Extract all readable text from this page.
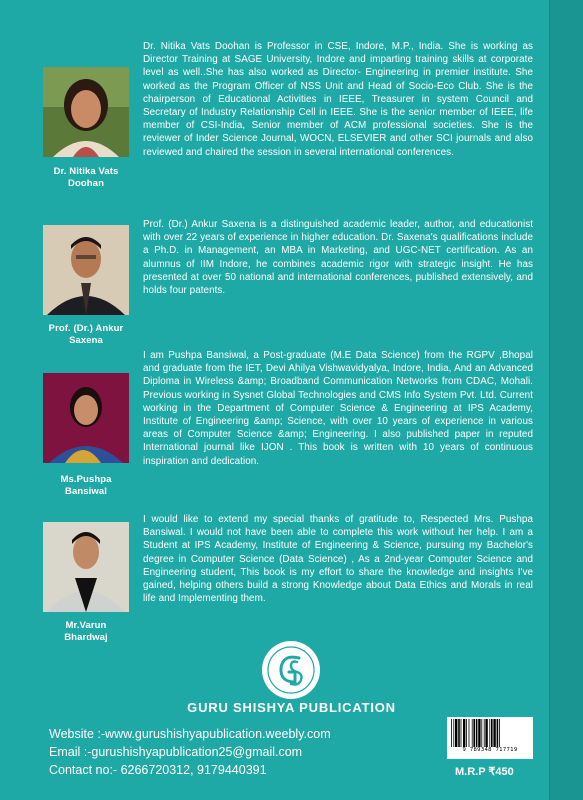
Dr. Nitika Vats
Doohan

Dr. Nitika Vats Doohan is Professor in CSE, Indore, M.P., India. She is working as Director Training at SAGE University, Indore and imparting training skills at corporate level as well..She has also worked as Director- Engineering in premier institute. She worked as the Program Officer of NSS Unit and Head of Socio-Eco Club. She is the chairperson of Educational Activities in IEEE, Treasurer in system Council and Secretary of Industry Relationship Cell in IEEE. She is the senior member of IEEE, life member of CSI-India, Senior member of ACM professional societies. She is the reviewer of Inder Science Journal, WOCN, ELSEVIER and other SCI journals and also reviewed and chaired the session in several international conferences.

Prof. (Dr.) Ankur
Saxena

Prof. (Dr.) Ankur Saxena is a distinguished academic leader, author, and educationist with over 22 years of experience in higher education. Dr. Saxena's qualifications include a Ph.D. in Management, an MBA in Marketing, and UGC-NET certification. As an alumnus of IIM Indore, he combines academic rigor with strategic insight. He has presented at over 50 national and international conferences, published extensively, and holds four patents.

Ms.Pushpa
Bansiwal

I am Pushpa Bansiwal, a Post-graduate (M.E Data Science) from the RGPV ,Bhopal and graduate from the IET, Devi Ahilya Vishwavidyalya, Indore, India, And an Advanced Diploma in Wireless &amp; Broadband Communication Networks from CDAC, Mohali. Previous working in Sysnet Global Technologies and CMS Info System Pvt. Ltd. Current working in the Department of Computer Science & Engineering at IPS Academy, Institute of Engineering &amp; Science, with over 10 years of experience in various areas of Computer Science &amp; Engineering. I also published paper in reputed International journal like IJON . This book is written with 10 years of continuous inspiration and dedication.

Mr.Varun
Bhardwaj

I would like to extend my special thanks of gratitude to, Respected Mrs. Pushpa Bansiwal. I would not have been able to complete this work without her help. I am a Student at IPS Academy, Institute of Engineering & Science, pursuing my Bachelor's degree in Computer Science (Data Science) , As a 2nd-year Computer Science and Engineering student, This book is my effort to share the knowledge and insights I've gained, helping others build a strong Knowledge about Data Ethics and Morals in real life and Implementing them.

GURU SHISHYA PUBLICATION
Website :-www.gurushishyapublication.weebly.com
Email :-gurushishyapublication25@gmail.com
Contact no:- 6266720312, 9179440391
9 789348 717719
M.R.P ₹450
